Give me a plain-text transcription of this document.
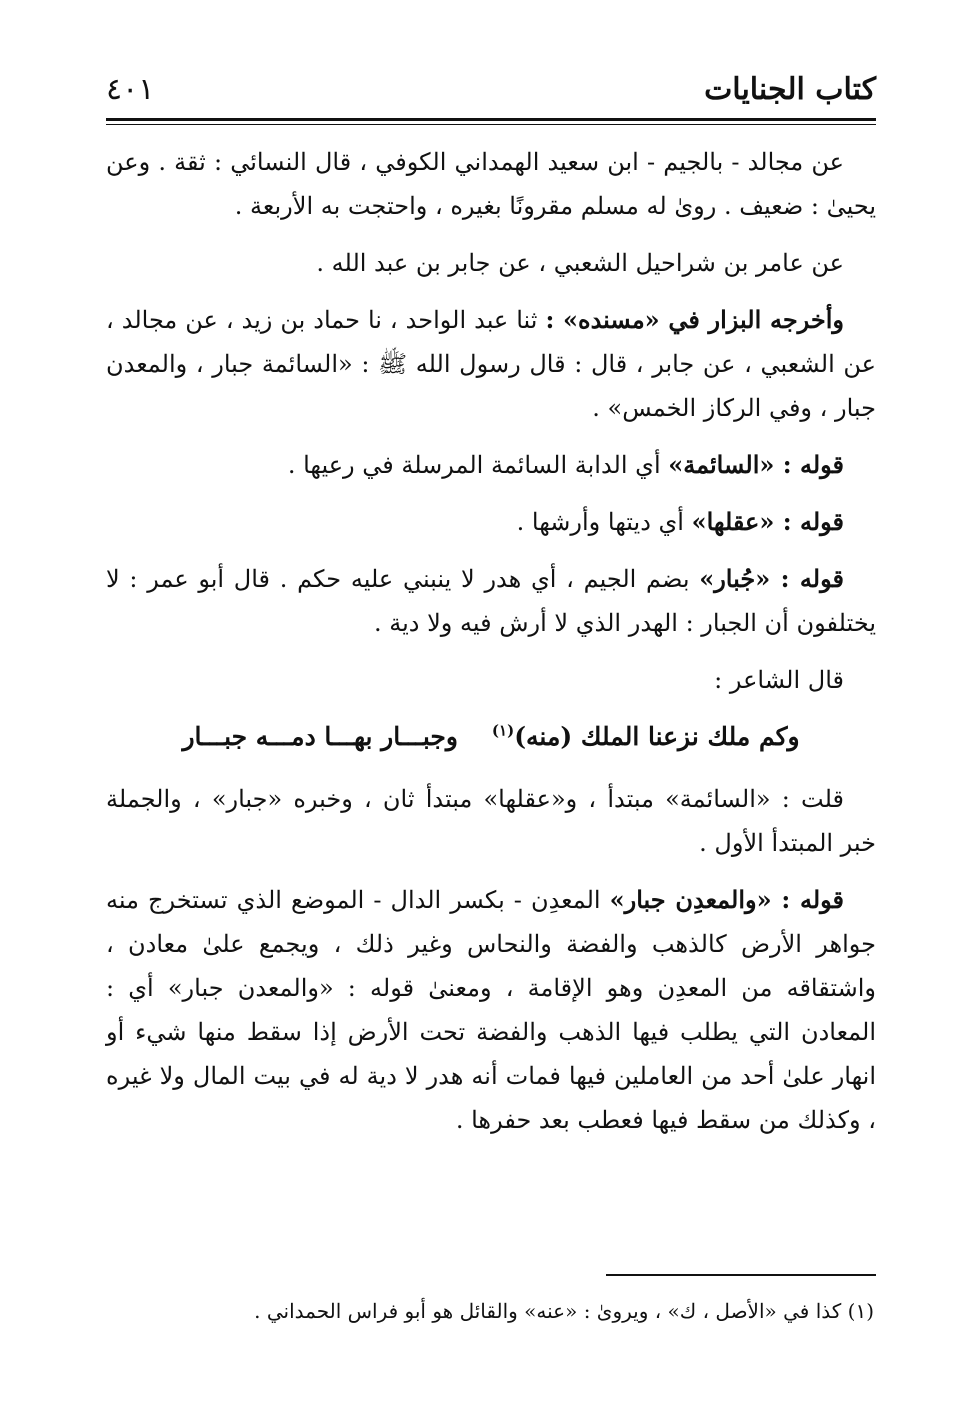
كتاب الجنايات
٤٠١

عن مجالد - بالجيم - ابن سعيد الهمداني الكوفي ، قال النسائي : ثقة . وعن يحيىٰ : ضعيف . روىٰ له مسلم مقرونًا بغيره ، واحتجت به الأربعة .

عن عامر بن شراحيل الشعبي ، عن جابر بن عبد الله .

وأخرجه البزار في «مسنده» : ثنا عبد الواحد ، نا حماد بن زيد ، عن مجالد ، عن الشعبي ، عن جابر ، قال : قال رسول الله ﷺ : «السائمة جبار ، والمعدن جبار ، وفي الركاز الخمس» .

قوله : «السائمة» أي الدابة السائمة المرسلة في رعيها .

قوله : «عقلها» أي ديتها وأرشها .

قوله : «جُبار» بضم الجيم ، أي هدر لا ينبني عليه حكم . قال أبو عمر : لا يختلفون أن الجبار : الهدر الذي لا أرش فيه ولا دية .

قال الشاعر :

وكم ملك نزعنا الملك (منه)$^{(١)}$
وجبـــار بهـــا دمـــه جبـــار

قلت : «السائمة» مبتدأ ، و«عقلها» مبتدأ ثان ، وخبره «جبار» ، والجملة خبر المبتدأ الأول .

قوله : «والمعدِن جبار» المعدِن - بكسر الدال - الموضع الذي تستخرج منه جواهر الأرض كالذهب والفضة والنحاس وغير ذلك ، ويجمع علىٰ معادن ، واشتقاقه من المعدِن وهو الإقامة ، ومعنىٰ قوله : «والمعدن جبار» أي : المعادن التي يطلب فيها الذهب والفضة تحت الأرض إذا سقط منها شيء أو انهار علىٰ أحد من العاملين فيها فمات أنه هدر لا دية له في بيت المال ولا غيره ، وكذلك من سقط فيها فعطب بعد حفرها .

(١) كذا في «الأصل ، ك» ، ويروىٰ : «عنه» والقائل هو أبو فراس الحمداني .
